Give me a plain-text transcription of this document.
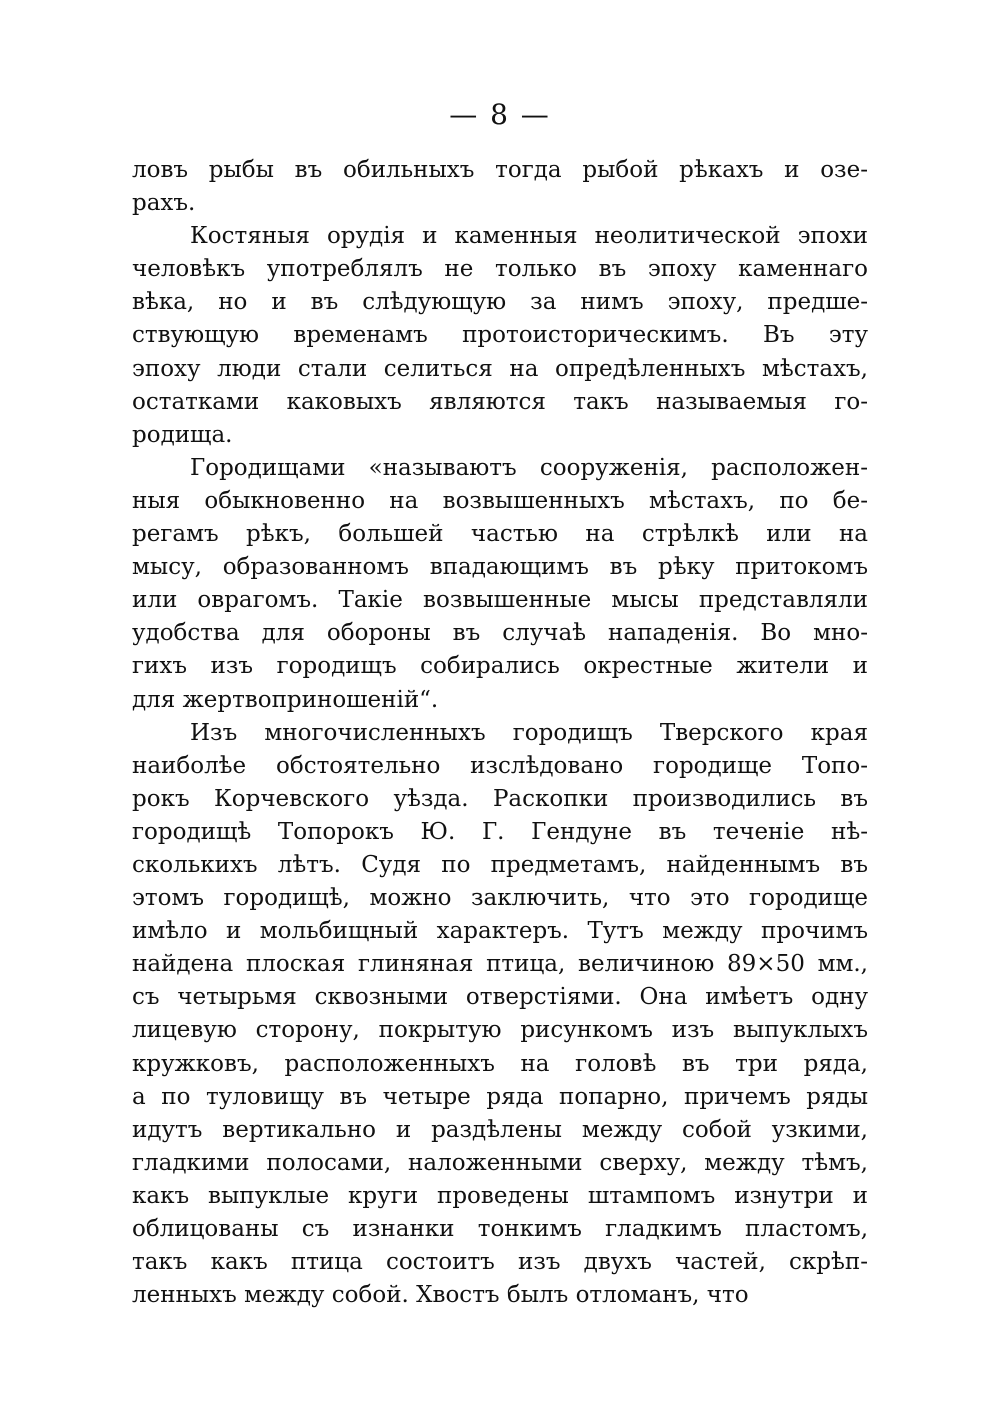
— 8 —
ловъ рыбы въ обильныхъ тогда рыбой рѣкахъ и озе-
рахъ.
Костяныя орудія и каменныя неолитической эпохи
человѣкъ употреблялъ не только въ эпоху каменнаго
вѣка, но и въ слѣдующую за нимъ эпоху, предше-
ствующую временамъ протоисторическимъ. Въ эту
эпоху люди стали селиться на опредѣленныхъ мѣстахъ,
остатками каковыхъ являются такъ называемыя го-
родища.
Городищами «называютъ сооруженія, расположен-
ныя обыкновенно на возвышенныхъ мѣстахъ, по бе-
регамъ рѣкъ, большей частью на стрѣлкѣ или на
мысу, образованномъ впадающимъ въ рѣку притокомъ
или оврагомъ. Такіе возвышенные мысы представляли
удобства для обороны въ случаѣ нападенія. Во мно-
гихъ изъ городищъ собирались окрестные жители и
для жертвоприношеній“.
Изъ многочисленныхъ городищъ Тверского края
наиболѣе обстоятельно изслѣдовано городище Топо-
рокъ Корчевского уѣзда. Раскопки производились въ
городищѣ Топорокъ Ю. Г. Гендуне въ теченіе нѣ-
сколькихъ лѣтъ. Судя по предметамъ, найденнымъ въ
этомъ городищѣ, можно заключить, что это городище
имѣло и мольбищный характеръ. Тутъ между прочимъ
найдена плоская глиняная птица, величиною 89×50 мм.,
съ четырьмя сквозными отверстіями. Она имѣетъ одну
лицевую сторону, покрытую рисункомъ изъ выпуклыхъ
кружковъ, расположенныхъ на головѣ въ три ряда,
а по туловищу въ четыре ряда попарно, причемъ ряды
идутъ вертикально и раздѣлены между собой узкими,
гладкими полосами, наложенными сверху, между тѣмъ,
какъ выпуклые круги проведены штампомъ изнутри и
облицованы съ изнанки тонкимъ гладкимъ пластомъ,
такъ какъ птица состоитъ изъ двухъ частей, скрѣп-
ленныхъ между собой. Хвостъ былъ отломанъ, что
